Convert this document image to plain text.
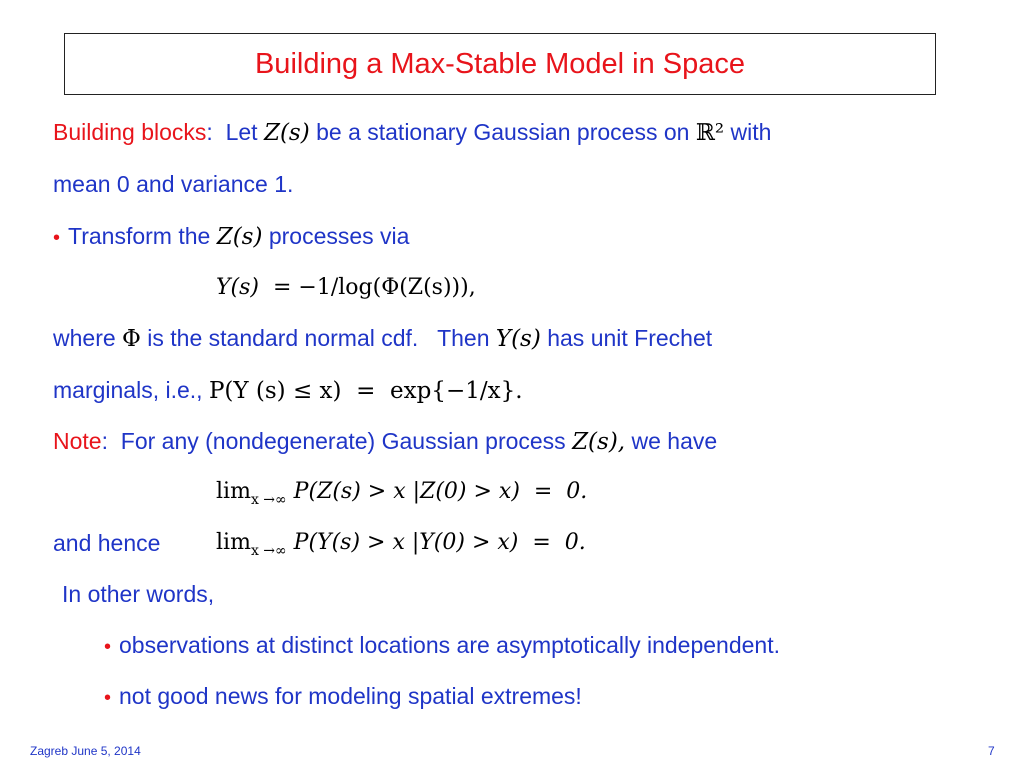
Building a Max-Stable Model in Space
Building blocks:  Let Z(s) be a stationary Gaussian process on ℝ² with
mean 0 and variance 1.
• Transform the Z(s) processes via
Y(s)  = −1/log(Φ(Z(s))),
where Φ is the standard normal cdf.   Then Y(s) has unit Frechet
marginals, i.e., P(Y (s) ≤ x)  =  exp{−1/x}.
Note:  For any (nondegenerate) Gaussian process Z(s), we have
$\lim_{x \to\infty} P(Z(s) > x$ |Z(0) > x)  =  0.
and hence	$\lim_{x \to\infty} P(Y(s) > x$ |Y(0) > x)  =  0.
In other words,
• observations at distinct locations are asymptotically independent.
• not good news for modeling spatial extremes!
Zagreb June 5, 2014	7
